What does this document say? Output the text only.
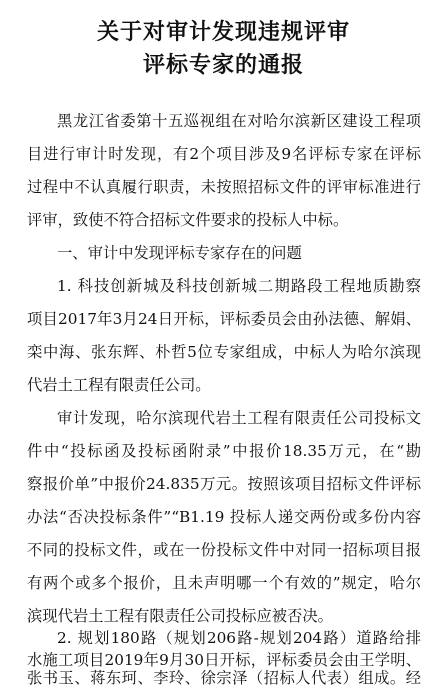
关于对审计发现违规评审
评标专家的通报
黑龙江省委第十五巡视组在对哈尔滨新区建设工程项
目进行审计时发现，有2个项目涉及9名评标专家在评标
过程中不认真履行职责，未按照招标文件的评审标准进行
评审，致使不符合招标文件要求的投标人中标。
一、审计中发现评标专家存在的问题
1. 科技创新城及科技创新城二期路段工程地质勘察
项目2017年3月24日开标，评标委员会由孙法德、解娟、
栾中海、张东辉、朴哲5位专家组成，中标人为哈尔滨现
代岩土工程有限责任公司。
审计发现，哈尔滨现代岩土工程有限责任公司投标文
件中“投标函及投标函附录”中报价18.35万元，在“勘
察报价单”中报价24.835万元。按照该项目招标文件评标
办法“否决投标条件”“B1.19 投标人递交两份或多份内容
不同的投标文件，或在一份投标文件中对同一招标项目报
有两个或多个报价，且未声明哪一个有效的”规定，哈尔
滨现代岩土工程有限责任公司投标应被否决。
2. 规划180路（规划206路-规划204路）道路给排
水施工项目2019年9月30日开标，评标委员会由王学明、
张书玉、蒋东珂、李玲、徐宗泽（招标人代表）组成。经
